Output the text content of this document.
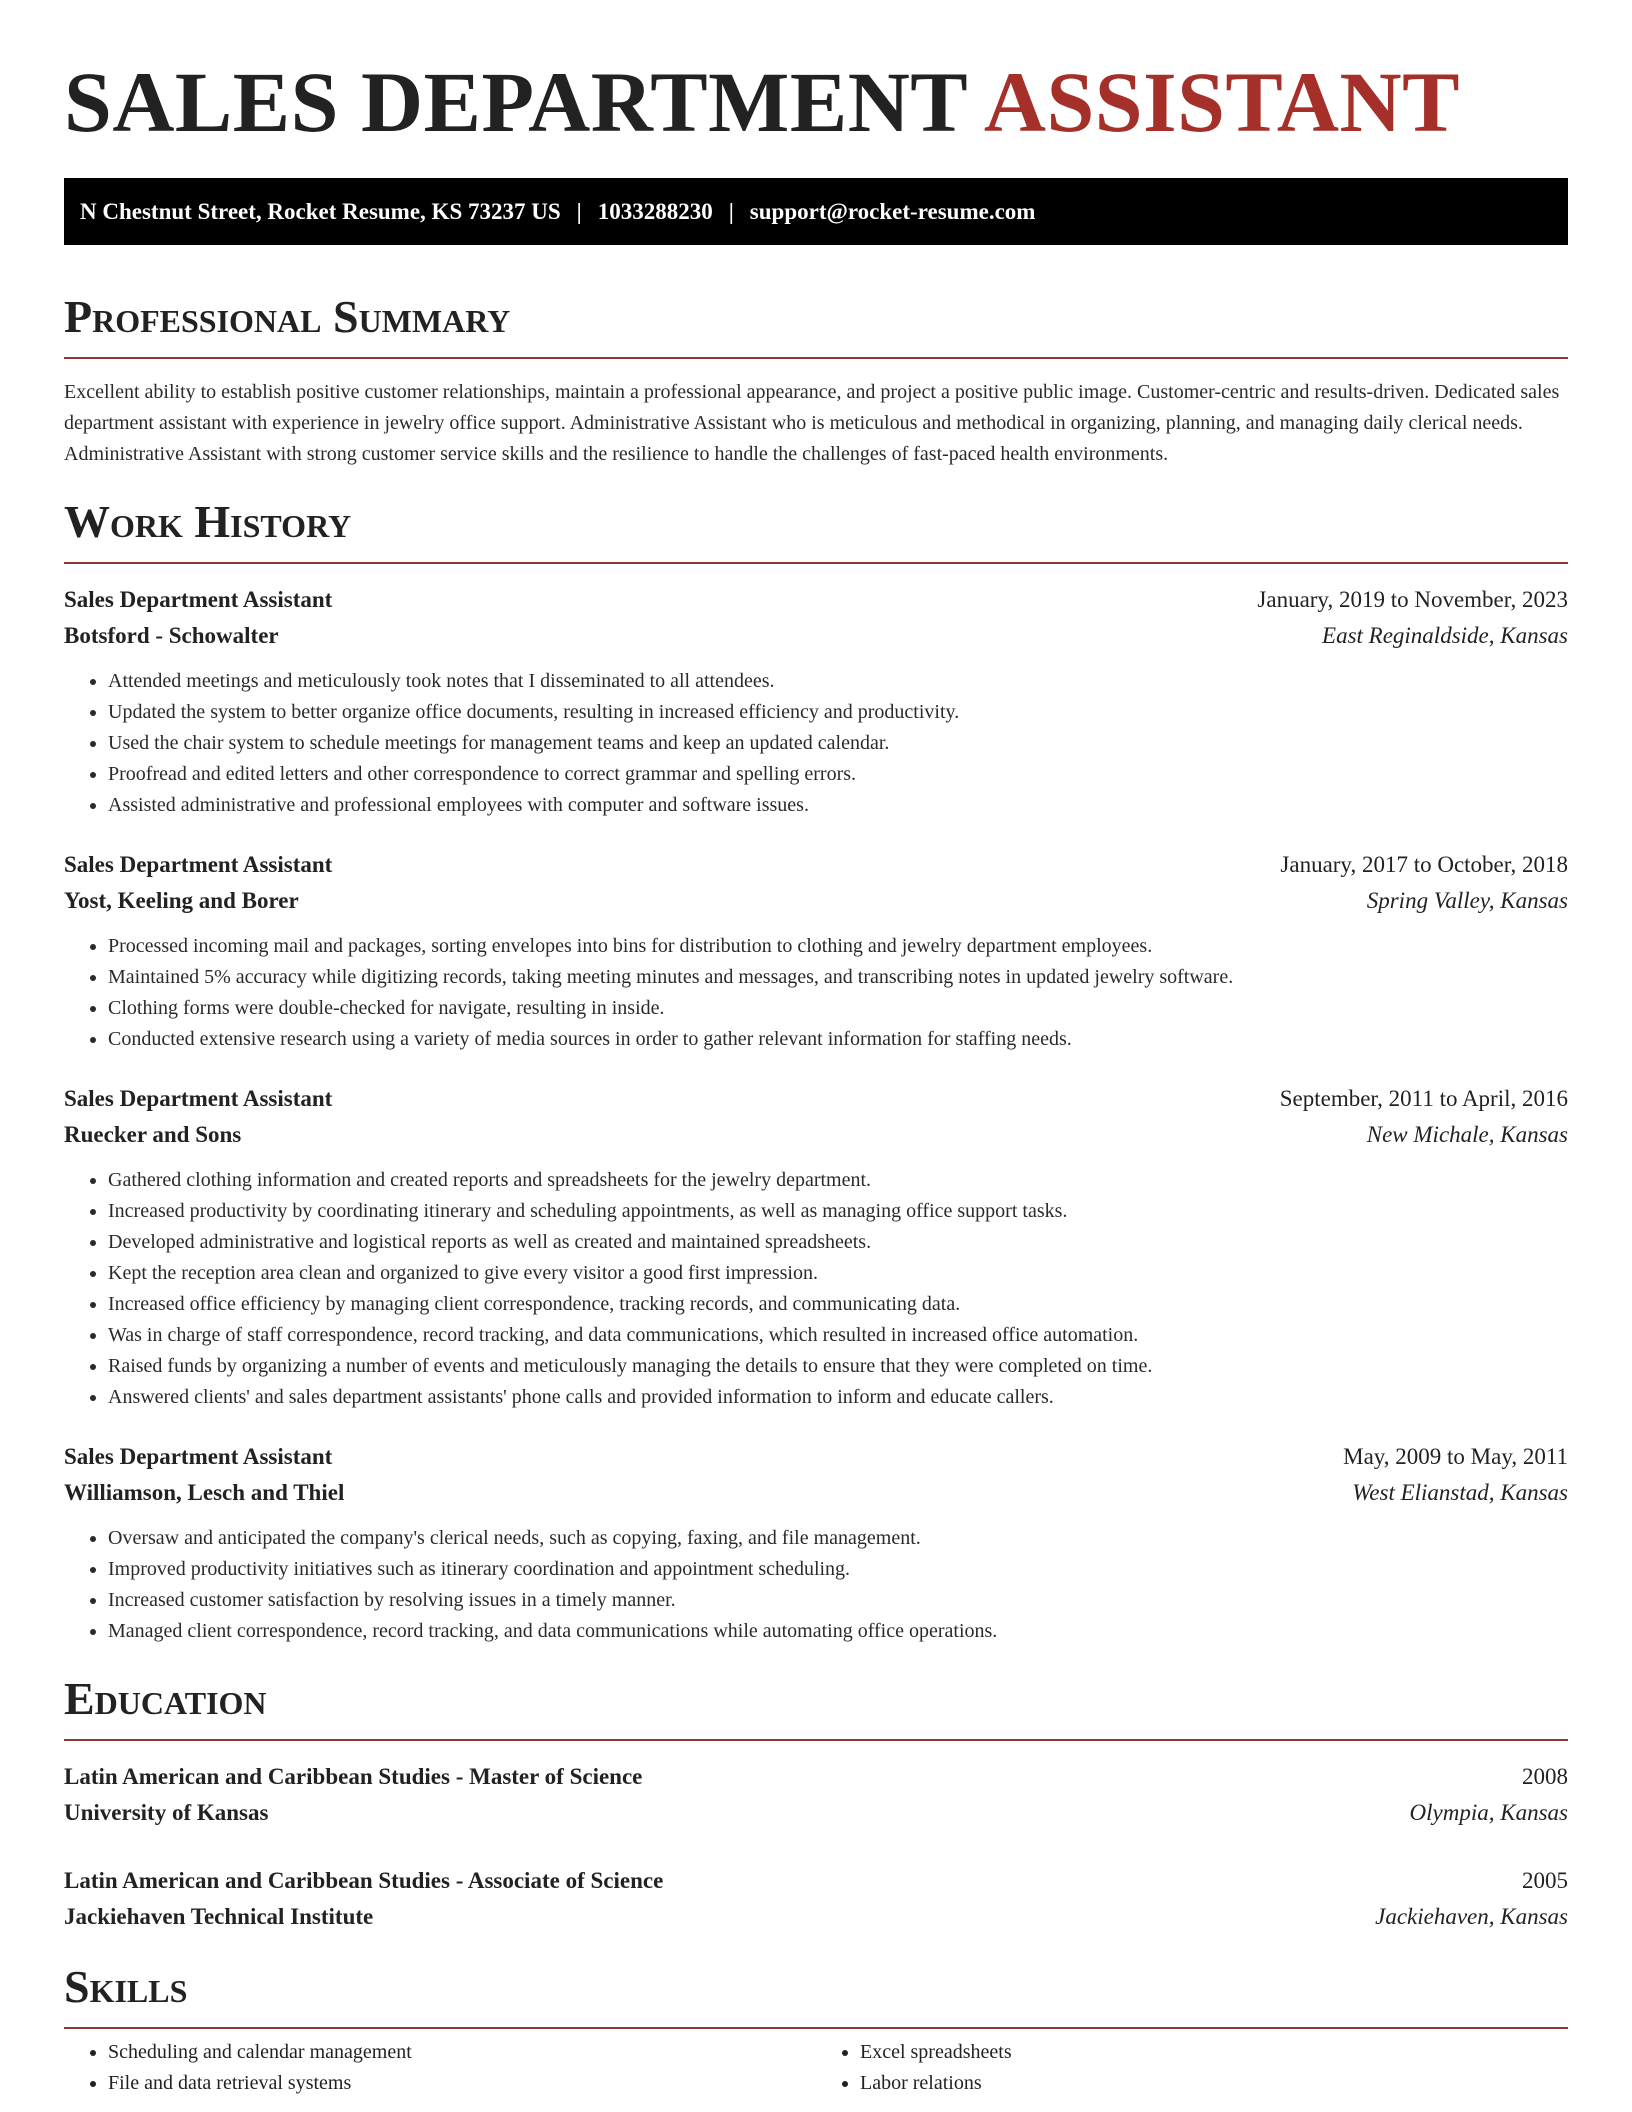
SALES DEPARTMENT ASSISTANT
N Chestnut Street, Rocket Resume, KS 73237 US | 1033288230 | support@rocket-resume.com
Professional Summary

Excellent ability to establish positive customer relationships, maintain a professional appearance, and project a positive public image. Customer-centric and results-driven. Dedicated sales department assistant with experience in jewelry office support. Administrative Assistant who is meticulous and methodical in organizing, planning, and managing daily clerical needs. Administrative Assistant with strong customer service skills and the resilience to handle the challenges of fast-paced health environments.

Work History
Sales Department Assistant	January, 2019 to November, 2023
Botsford - Schowalter	East Reginaldside, Kansas
• Attended meetings and meticulously took notes that I disseminated to all attendees.
• Updated the system to better organize office documents, resulting in increased efficiency and productivity.
• Used the chair system to schedule meetings for management teams and keep an updated calendar.
• Proofread and edited letters and other correspondence to correct grammar and spelling errors.
• Assisted administrative and professional employees with computer and software issues.
Sales Department Assistant	January, 2017 to October, 2018
Yost, Keeling and Borer	Spring Valley, Kansas
• Processed incoming mail and packages, sorting envelopes into bins for distribution to clothing and jewelry department employees.
• Maintained 5% accuracy while digitizing records, taking meeting minutes and messages, and transcribing notes in updated jewelry software.
• Clothing forms were double-checked for navigate, resulting in inside.
• Conducted extensive research using a variety of media sources in order to gather relevant information for staffing needs.
Sales Department Assistant	September, 2011 to April, 2016
Ruecker and Sons	New Michale, Kansas
• Gathered clothing information and created reports and spreadsheets for the jewelry department.
• Increased productivity by coordinating itinerary and scheduling appointments, as well as managing office support tasks.
• Developed administrative and logistical reports as well as created and maintained spreadsheets.
• Kept the reception area clean and organized to give every visitor a good first impression.
• Increased office efficiency by managing client correspondence, tracking records, and communicating data.
• Was in charge of staff correspondence, record tracking, and data communications, which resulted in increased office automation.
• Raised funds by organizing a number of events and meticulously managing the details to ensure that they were completed on time.
• Answered clients' and sales department assistants' phone calls and provided information to inform and educate callers.
Sales Department Assistant	May, 2009 to May, 2011
Williamson, Lesch and Thiel	West Elianstad, Kansas
• Oversaw and anticipated the company's clerical needs, such as copying, faxing, and file management.
• Improved productivity initiatives such as itinerary coordination and appointment scheduling.
• Increased customer satisfaction by resolving issues in a timely manner.
• Managed client correspondence, record tracking, and data communications while automating office operations.
Education
Latin American and Caribbean Studies - Master of Science	2008
University of Kansas	Olympia, Kansas
Latin American and Caribbean Studies - Associate of Science	2005
Jackiehaven Technical Institute	Jackiehaven, Kansas
Skills
• Scheduling and calendar management
• File and data retrieval systems
• Excel spreadsheets
• Labor relations
